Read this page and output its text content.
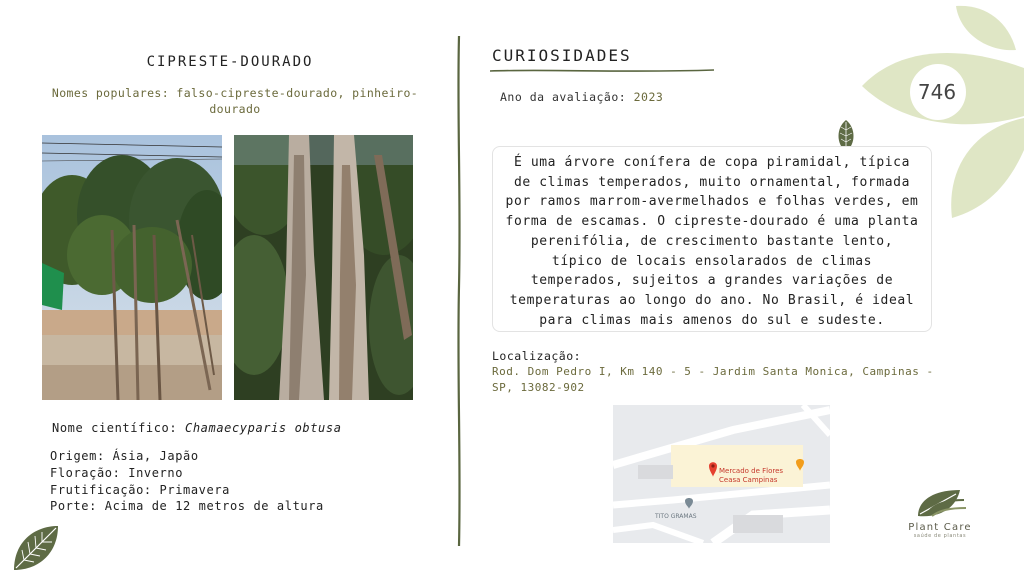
CIPRESTE-DOURADO
Nomes populares: falso-cipreste-dourado, pinheiro-dourado
Nome científico: Chamaecyparis obtusa
Origem: Ásia, Japão
Floração: Inverno
Frutificação: Primavera
Porte: Acima de 12 metros de altura
CURIOSIDADES
Ano da avaliação: 2023
É uma árvore conífera de copa piramidal, típica de climas temperados, muito ornamental, formada por ramos marrom-avermelhados e folhas verdes, em forma de escamas. O cipreste-dourado é uma planta perenifólia, de crescimento bastante lento, típico de locais ensolarados de climas temperados, sujeitos a grandes variações de temperaturas ao longo do ano. No Brasil, é ideal para climas mais amenos do sul e sudeste.
Localização:
Rod. Dom Pedro I, Km 140 - 5 - Jardim Santa Monica, Campinas - SP, 13082-902
Mercado de Flores
Ceasa Campinas
TITO GRAMAS
746
Plant Care
saúde de plantas
